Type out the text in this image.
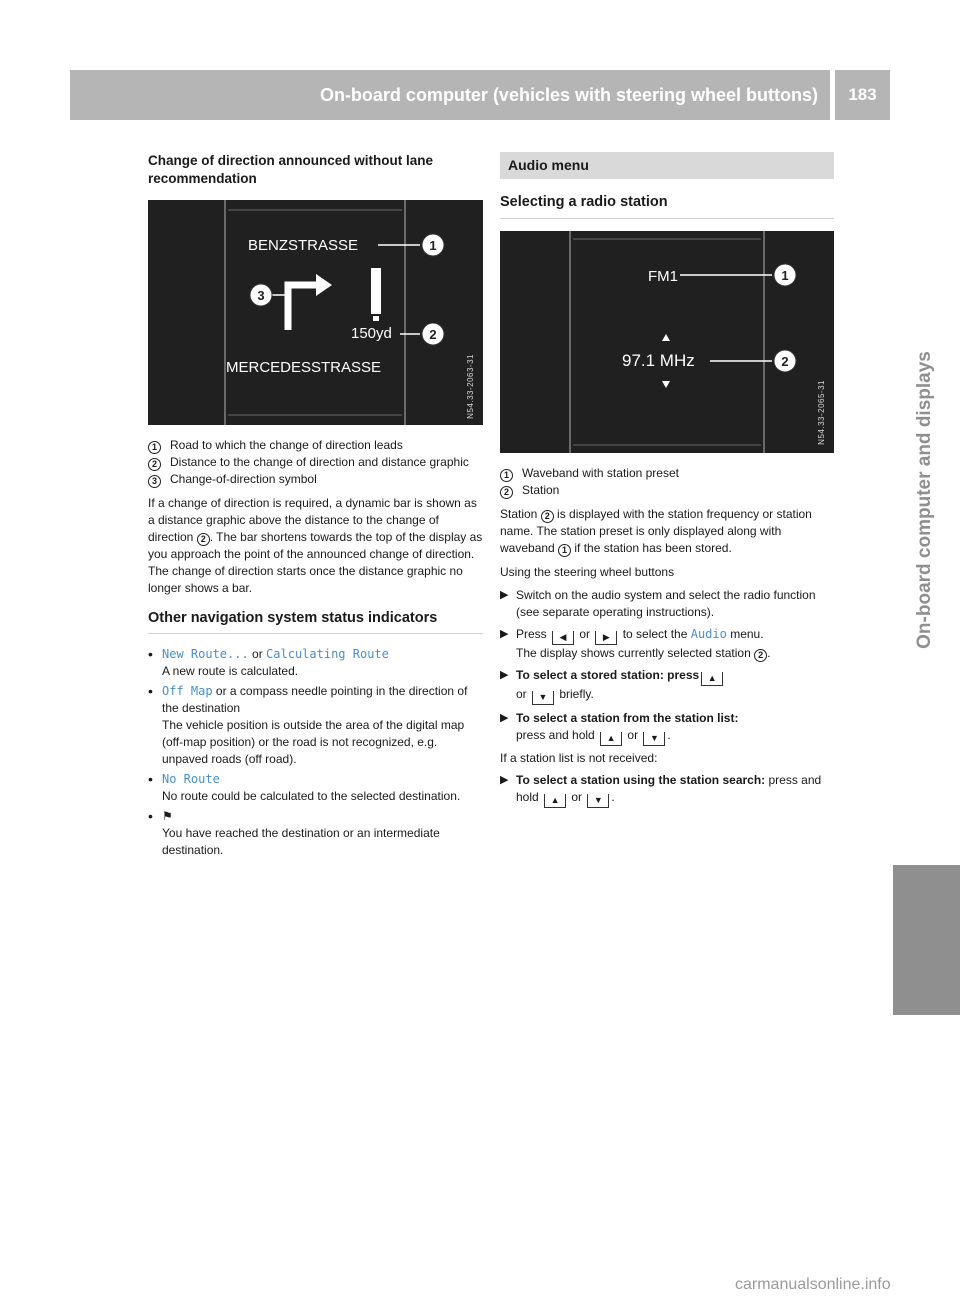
On-board computer (vehicles with steering wheel buttons)	183
On-board computer and displays
Change of direction announced without lane recommendation
BENZSTRASSE	1
3
150yd	2
MERCEDESSTRASSE	N54.33-2063-31
1	Road to which the change of direction leads
2	Distance to the change of direction and distance graphic
3	Change-of-direction symbol

If a change of direction is required, a dynamic bar is shown as a distance graphic above the distance to the change of direction 2 . The bar shortens towards the top of the display as you approach the point of the announced change of direction. The change of direction starts once the distance graphic no longer shows a bar.

Other navigation system status indicators
• New Route... or Calculating Route
A new route is calculated.
• Off Map or a compass needle pointing in the direction of the destination
The vehicle position is outside the area of the digital map (off-map position) or the road is not recognized, e.g. unpaved roads (off road).
• No Route
No route could be calculated to the selected destination.
• ⚑
You have reached the destination or an intermediate destination.
Audio menu
Selecting a radio station
FM1	1
97.1 MHz	2
N54.33-2065-31
1	Waveband with station preset
2	Station

Station 2 is displayed with the station frequency or station name. The station preset is only displayed along with waveband 1 if the station has been stored.

Using the steering wheel buttons

▶ Switch on the audio system and select the radio function (see separate operating instructions).
▶ Press ◀ or ▶ to select the Audio menu.
The display shows currently selected station 2 .
▶ To select a stored station: press ▲
or ▼ briefly.
▶ To select a station from the station list:
press and hold ▲ or ▼ .

If a station list is not received:

▶ To select a station using the station search: press and hold ▲ or ▼ .
carmanualsonline.info
